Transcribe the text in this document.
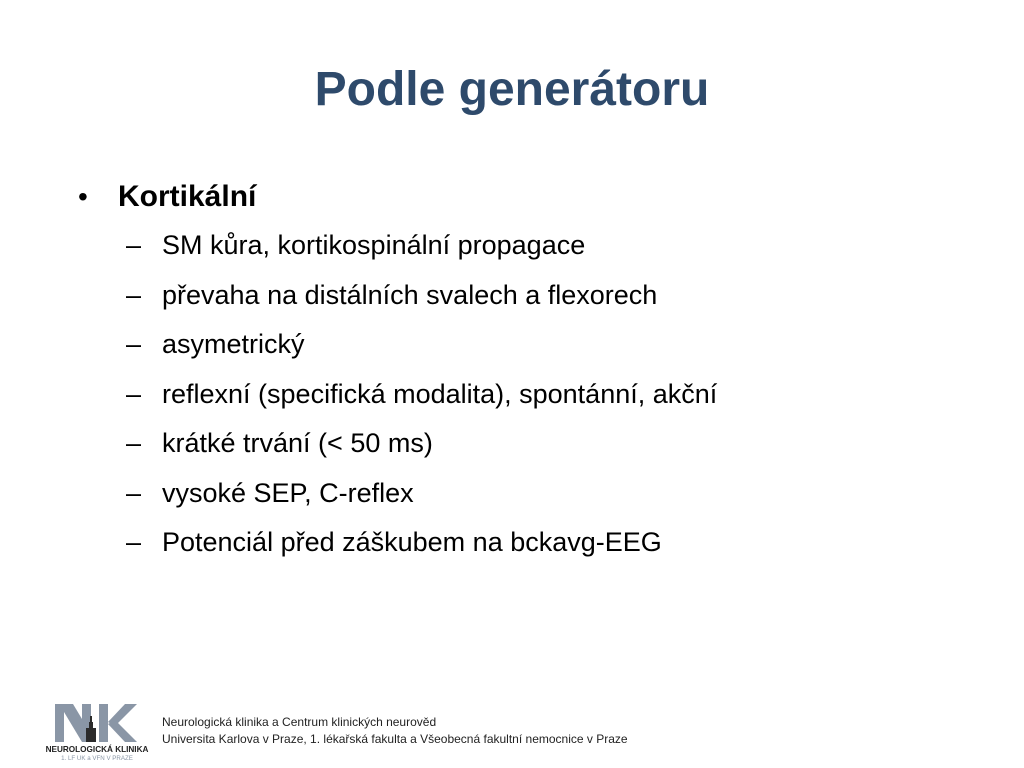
Podle generátoru
•	Kortikální
– SM kůra, kortikospinální propagace
– převaha na distálních svalech a flexorech
– asymetrický
– reflexní (specifická modalita), spontánní, akční
– krátké trvání (< 50 ms)
– vysoké SEP, C-reflex
– Potenciál před záškubem na bckavg-EEG
NEUROLOGICKÁ KLINIKA
1. LF UK a VFN V PRAZE
Neurologická klinika a Centrum klinických neurověd
Universita Karlova v Praze, 1. lékařská fakulta a Všeobecná fakultní nemocnice v Praze
